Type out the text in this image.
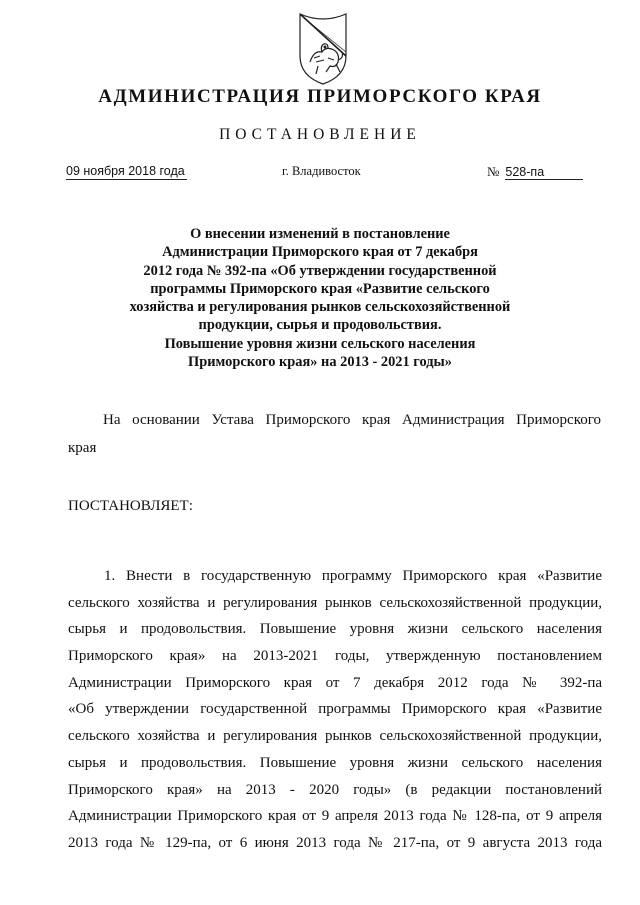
АДМИНИСТРАЦИЯ ПРИМОРСКОГО КРАЯ
ПОСТАНОВЛЕНИЕ
09 ноября 2018 года	г. Владивосток	№ 528-па
О внесении изменений в постановление
Администрации Приморского края от 7 декабря
2012 года № 392-па «Об утверждении государственной
программы Приморского края «Развитие сельского
хозяйства и регулирования рынков сельскохозяйственной
продукции, сырья и продовольствия.
Повышение уровня жизни сельского населения
Приморского края» на 2013 - 2021 годы»
На основании Устава Приморского края Администрация Приморского
края
ПОСТАНОВЛЯЕТ:
1. Внести в государственную программу Приморского края «Развитие
сельского хозяйства и регулирования рынков сельскохозяйственной продукции,
сырья и продовольствия. Повышение уровня жизни сельского населения
Приморского края» на 2013-2021 годы, утвержденную постановлением
Администрации Приморского края от 7 декабря 2012 года № 392-па
«Об утверждении государственной программы Приморского края «Развитие
сельского хозяйства и регулирования рынков сельскохозяйственной продукции,
сырья и продовольствия. Повышение уровня жизни сельского населения
Приморского края» на 2013 - 2020 годы» (в редакции постановлений
Администрации Приморского края от 9 апреля 2013 года № 128-па, от 9 апреля
2013 года № 129-па, от 6 июня 2013 года № 217-па, от 9 августа 2013 года
